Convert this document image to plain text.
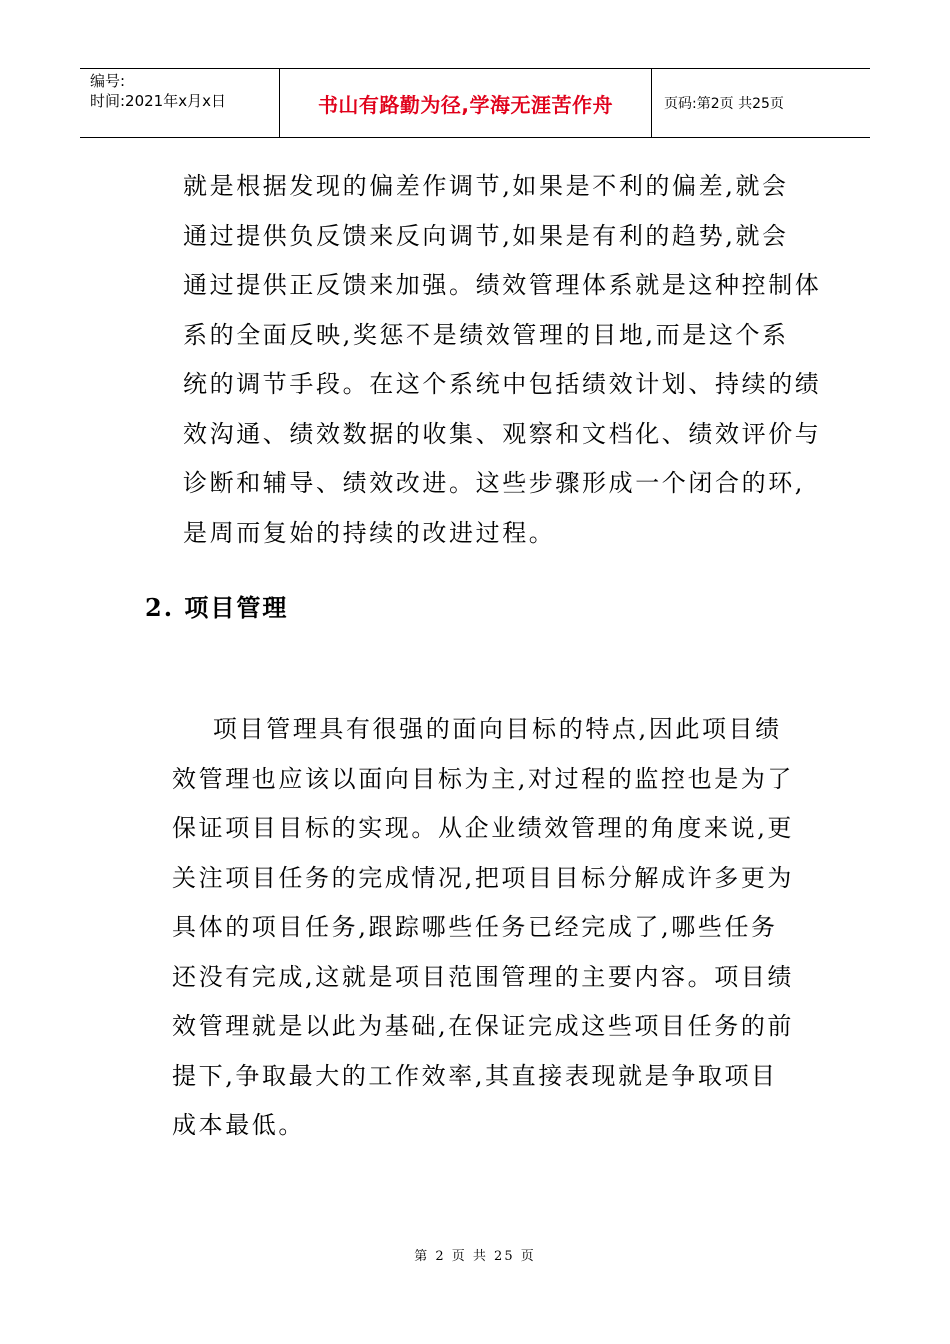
编号:
时间:2021年x月x日	书山有路勤为径,学海无涯苦作舟	页码:第2页 共25页
就是根据发现的偏差作调节,如果是不利的偏差,就会
通过提供负反馈来反向调节,如果是有利的趋势,就会
通过提供正反馈来加强。绩效管理体系就是这种控制体
系的全面反映,奖惩不是绩效管理的目地,而是这个系
统的调节手段。在这个系统中包括绩效计划、持续的绩
效沟通、绩效数据的收集、观察和文档化、绩效评价与
诊断和辅导、绩效改进。这些步骤形成一个闭合的环,
是周而复始的持续的改进过程。
2. 项目管理
项目管理具有很强的面向目标的特点,因此项目绩
效管理也应该以面向目标为主,对过程的监控也是为了
保证项目目标的实现。从企业绩效管理的角度来说,更
关注项目任务的完成情况,把项目目标分解成许多更为
具体的项目任务,跟踪哪些任务已经完成了,哪些任务
还没有完成,这就是项目范围管理的主要内容。项目绩
效管理就是以此为基础,在保证完成这些项目任务的前
提下,争取最大的工作效率,其直接表现就是争取项目
成本最低。
第 2 页 共 25 页
